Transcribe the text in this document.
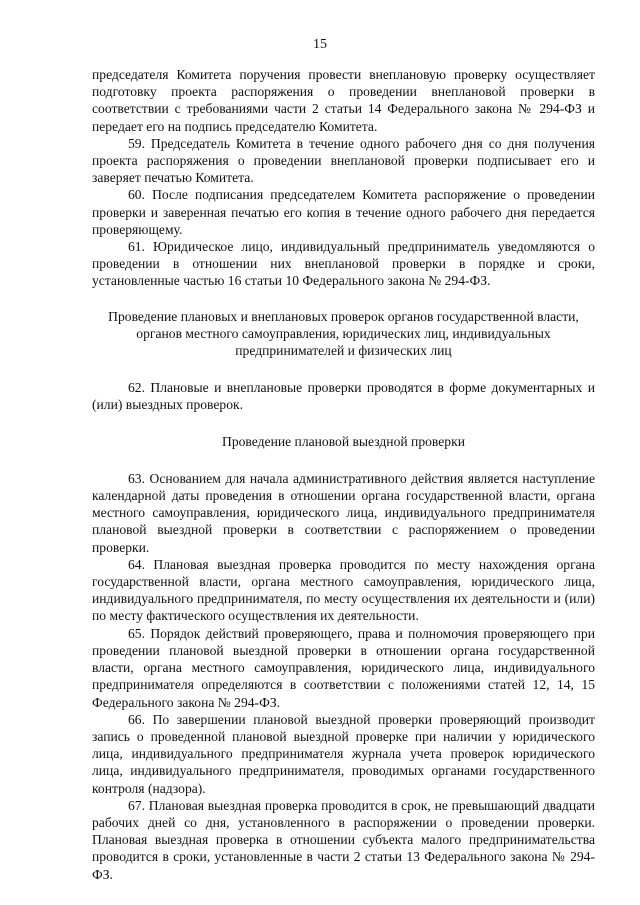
15

председателя Комитета поручения провести внеплановую проверку осуществляет подготовку проекта распоряжения о проведении внеплановой проверки в соответствии с требованиями части 2 статьи 14 Федерального закона № 294-ФЗ и передает его на подпись председателю Комитета.

59. Председатель Комитета в течение одного рабочего дня со дня получения проекта распоряжения о проведении внеплановой проверки подписывает его и заверяет печатью Комитета.

60. После подписания председателем Комитета распоряжение о проведении проверки и заверенная печатью его копия в течение одного рабочего дня передается проверяющему.

61. Юридическое лицо, индивидуальный предприниматель уведомляются о проведении в отношении них внеплановой проверки в порядке и сроки, установленные частью 16 статьи 10 Федерального закона № 294-ФЗ.

Проведение плановых и внеплановых проверок органов государственной власти, органов местного самоуправления, юридических лиц, индивидуальных предпринимателей и физических лиц

62. Плановые и внеплановые проверки проводятся в форме документарных и (или) выездных проверок.

Проведение плановой выездной проверки

63. Основанием для начала административного действия является наступление календарной даты проведения в отношении органа государственной власти, органа местного самоуправления, юридического лица, индивидуального предпринимателя плановой выездной проверки в соответствии с распоряжением о проведении проверки.

64. Плановая выездная проверка проводится по месту нахождения органа государственной власти, органа местного самоуправления, юридического лица, индивидуального предпринимателя, по месту осуществления их деятельности и (или) по месту фактического осуществления их деятельности.

65. Порядок действий проверяющего, права и полномочия проверяющего при проведении плановой выездной проверки в отношении органа государственной власти, органа местного самоуправления, юридического лица, индивидуального предпринимателя определяются в соответствии с положениями статей 12, 14, 15 Федерального закона № 294-ФЗ.

66. По завершении плановой выездной проверки проверяющий производит запись о проведенной плановой выездной проверке при наличии у юридического лица, индивидуального предпринимателя журнала учета проверок юридического лица, индивидуального предпринимателя, проводимых органами государственного контроля (надзора).

67. Плановая выездная проверка проводится в срок, не превышающий двадцати рабочих дней со дня, установленного в распоряжении о проведении проверки. Плановая выездная проверка в отношении субъекта малого предпринимательства проводится в сроки, установленные в части 2 статьи 13 Федерального закона № 294-ФЗ.
